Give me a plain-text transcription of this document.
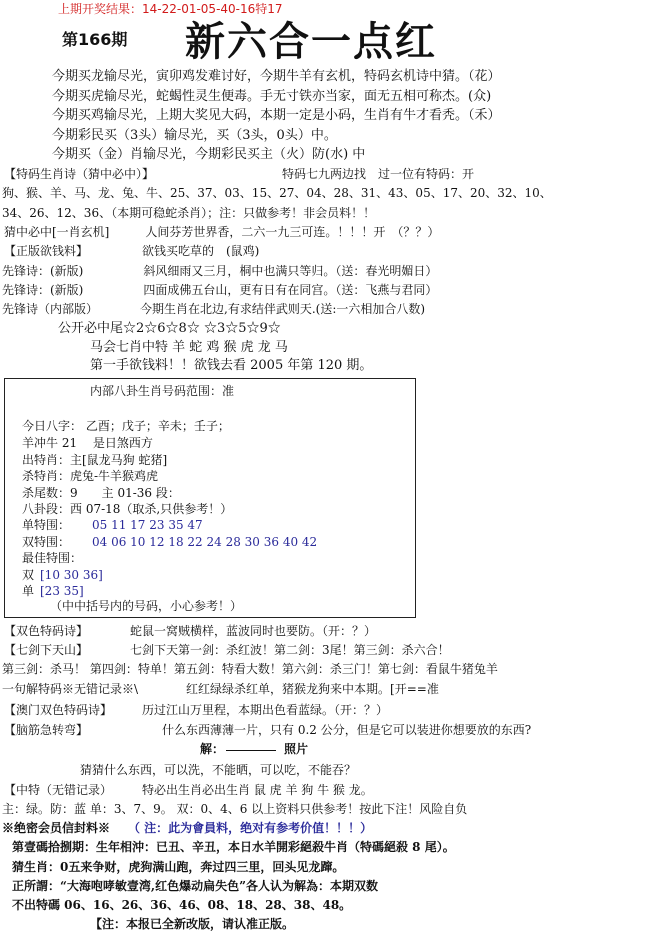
上期开奖结果：14-22-01-05-40-16特17
第166期 新六合一点红
今期买龙输尽光，寅卯鸡发难讨好，今期牛羊有玄机，特码玄机诗中猜。（花）
今期买虎输尽光，蛇蝎性灵生便毒。手无寸铁亦当家，面无五相可称杰。(众)
今期买鸡输尽光，上期大奖见大码，本期一定是小码，生肖有牛才看秃。（禾）
今期彩民买（3头）输尽光，买（3头，0头）中。
今期买（金）肖输尽光，今期彩民买主（火）防(水) 中
【特码生肖诗（猜中必中）】	特码七九两边找　过一位有特码：开
狗、猴、羊、马、龙、兔、牛、25、37、03、15、27、04、28、31、43、05、17、20、32、10、
34、26、12、36、（本期可稳蛇杀肖）；注：只做参考！非会员料！！
猜中必中[一肖玄机]　　　人间芬芳世界香，二六一九三可连。！！！开　（？？）
【正版欲钱料】　　　　　欲钱买吃草的　(鼠鸡)
先锋诗：(新版)　　　　　斜风细雨又三月，桐中也满只等归。（送：春光明媚日）
先锋诗：(新版)　　　　　四面成佛五台山，更有日有在同宫。（送：飞燕与君同）
先锋诗（内部版）　　　　今期生肖在北边,有求结伴武则天.(送:一六相加合八数)
公开必中尾☆2☆6☆8☆ ☆3☆5☆9☆
马会七肖中特 羊 蛇 鸡 猴 虎 龙 马
第一手欲钱料！！欲钱去看 2005 年第 120 期。
内部八卦生肖号码范围：准
今日八字： 乙酉；戊子；辛未；壬子；
羊冲牛 21　 是日煞西方
出特肖：主[鼠龙马狗 蛇猪]
杀特肖：虎兔-牛羊猴鸡虎
杀尾数：9　　主 01-36 段：
八卦段：西 07-18（取杀,只供参考！）
单特围： 05 11 17 23 35 47
双特围： 04 06 10 12 18 22 24 28 30 36 40 42
最佳特围：
双 [10 30 36]
单 [23 35]
（中中括号内的号码，小心参考！）
【双色特码诗】　　　　蛇鼠一窝贼横样，蓝波同时也要防。（开：？）
【七剑下天山】　　　　七剑下天第一剑：杀红波！第二剑：3尾！第三剑：杀六合！
第三剑：杀马！ 第四剑：特单！第五剑：特看大数！第六剑：杀三门！第七剑：看鼠牛猪兔羊
一句解特码※无错记录※\　　　　红红绿绿杀红单，猪猴龙狗来中本期。[开==准
【澳门双色特码诗】　　　历过江山万里程，本期出色看蓝绿。（开：？）
【脑筋急转弯】	什么东西薄薄一片，只有 0.2 公分，但是它可以装进你想要放的东西?
解：	照片
猜猜什么东西，可以洗，不能晒，可以吃，不能吞？
【中特（无错记录）　　　特必出生肖必出生肖 鼠 虎 羊 狗 牛 猴 龙。
主：绿。防：蓝 单：3、7、9。 双：0、4、6 以上资料只供参考！按此下注！风险自负
※绝密会员信封料※ （ 注：此为會員料，绝对有参考价值！！！）
第壹碼拾捌期：生年相沖：已丑、辛丑，本日水羊開彩絕殺牛肖（特碼絕殺 8 尾）。
猜生肖：0五来争财，虎狗满山跑，奔过四三里，回头见龙蹿。
正所謂：“大海咆哮敏壹湾,红色爆动扁失色”各人认为解為：本期双数
不出特碼 06、16、26、36、46、08、18、28、38、48。
【注：本报已全新改版，请认准正版。
